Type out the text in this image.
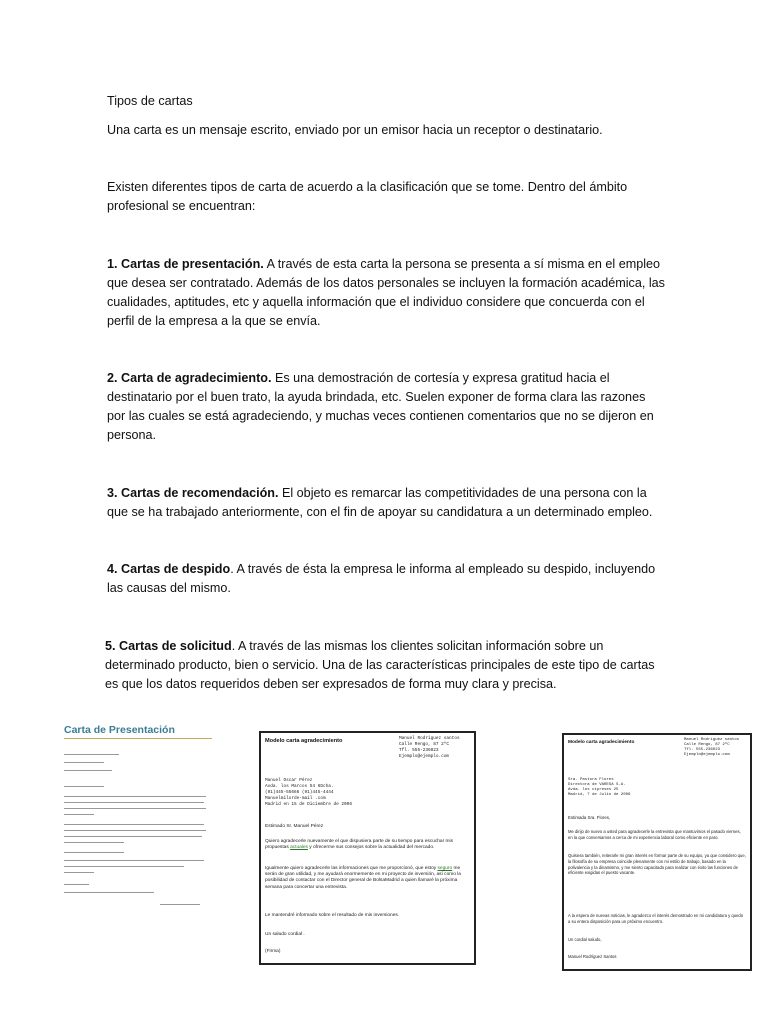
Tipos de cartas
Una carta es un mensaje escrito, enviado por un emisor hacia un receptor o destinatario.
Existen diferentes tipos de carta de acuerdo a la clasificación que se tome. Dentro del ámbito profesional se encuentran:
1. Cartas de presentación. A través de esta carta la persona se presenta a sí misma en el empleo que desea ser contratado. Además de los datos personales se incluyen la formación académica, las cualidades, aptitudes, etc y aquella información que el individuo considere que concuerda con el perfil de la empresa a la que se envía.
2. Carta de agradecimiento. Es una demostración de cortesía y expresa gratitud hacia el destinatario por el buen trato, la ayuda brindada, etc. Suelen exponer de forma clara las razones por las cuales se está agradeciendo, y muchas veces contienen comentarios que no se dijeron en persona.
3. Cartas de recomendación. El objeto es remarcar las competitividades de una persona con la que se ha trabajado anteriormente, con el fin de apoyar su candidatura a un determinado empleo.
4. Cartas de despido. A través de ésta la empresa le informa al empleado su despido, incluyendo las causas del mismo.
5. Cartas de solicitud. A través de las mismas los clientes solicitan información sobre un determinado producto, bien o servicio. Una de las características principales de este tipo de cartas es que los datos requeridos deben ser expresados de forma muy clara y precisa.
Carta de Presentación
Modelo carta agradecimiento	Manuel Rodríguez santos
Calle Rengo, 87 2ºC
Tfl. 555-236023
Ejemplo@ejemplo.com
Manuel Oscar Pérez
Avda. los Marcos 54 6Dcha.
(91)445-55666 (91)445-4444
Manuelmilorde-mail .com
Madrid en 15 de Diciembre de 2006
Estimado Sr. Manuel Pérez
Quiero agradecerle nuevamente el que dispusiera parte de su tiempo para escuchar mis propuestas actuales y ofrecerme sus consejos sobre la actualidad del mercado.
Igualmente quiero agradecerle las informaciones que me proporcionó, que estoy seguro me serán de gran utilidad, y me ayudará enormemente en mi proyecto de inversión, así como la posibilidad de contactar con el Director general de BolsaMadrid a quien llamaré la próxima semana para concertar una entrevista.
Le mantendré informado sobre el resultado de mis inversiones.
Un saludo cordial .
(Firma)
Modelo carta agradecimiento	Manuel Rodríguez santos
Calle Rengo, 87 2ºC
Tfl. 555-236023
Ejemplo@ejemplo.com
Sra. Pastora Flores
Directora de VARESA S.A.
Avda. los cipreses 25
Madrid, 7 de Julio de 2006
Estimada Sra. Flores,
Me dirijo de nuevo a usted para agradecerle la entrevista que mantuvimos el pasado viernes, en la que conversamos a cerca de mi experiencia laboral como eficiente en paro.
Quisiera también, reiterarle mi gran interés en formar parte de su equipo, ya que considero que, la filosofía de su empresa coincide plenamente con mi estilo de trabajo, basado en la polivalencia y la dinamismo, y me siento capacitado para realizar con éxito las funciones de eficiente exigidas el puesto vacante.
A la espera de nuevas noticias, le agradezco el interés demostrado en mi candidatura y quedo a su entera disposición para un próximo encuentro.
Un cordial saludo,
Manuel Rodríguez Santos
